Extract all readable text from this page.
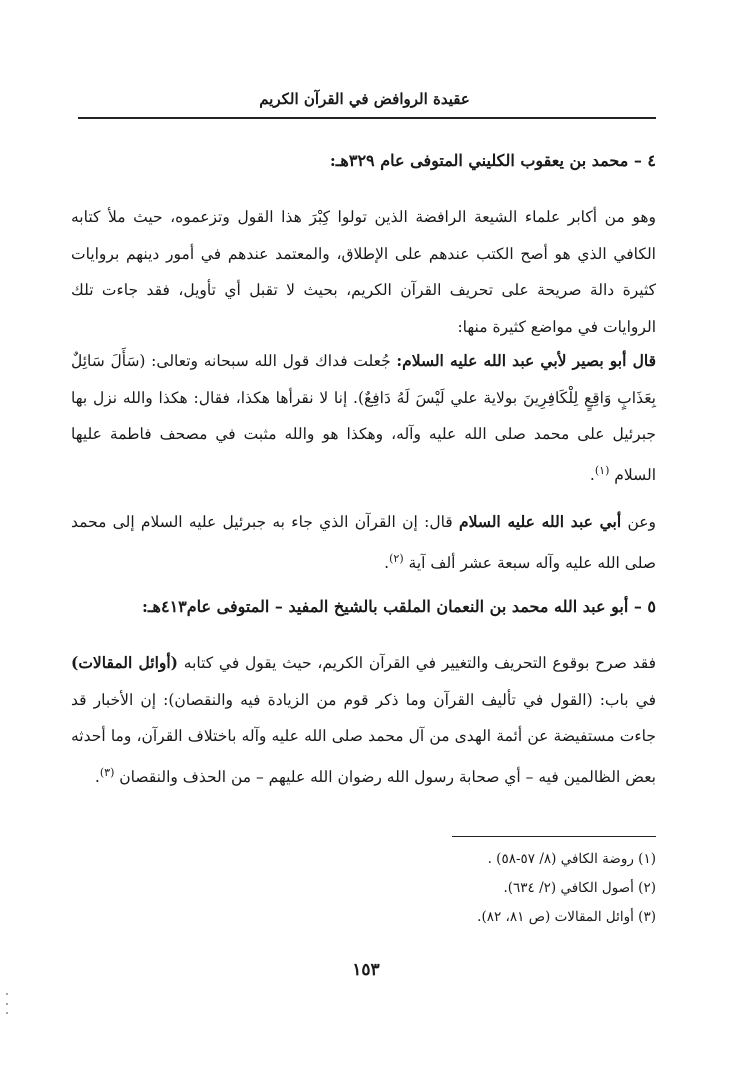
عقيدة الروافض في القرآن الكريم
٤ – محمد بن يعقوب الكليني المتوفى عام ٣٢٩هـ:
وهو من أكابر علماء الشيعة الرافضة الذين تولوا كِبْرَ هذا القول وتزعموه، حيث ملأ كتابه الكافي الذي هو أصح الكتب عندهم على الإطلاق، والمعتمد عندهم في أمور دينهم بروايات كثيرة دالة صريحة على تحريف القرآن الكريم، بحيث لا تقبل أي تأويل، فقد جاءت تلك الروايات في مواضع كثيرة منها:
قال أبو بصير لأبي عبد الله عليه السلام: جُعلت فداك قول الله سبحانه وتعالى: (سَأَلَ سَائِلٌ بِعَذَابٍ وَاقِعٍ لِلْكَافِرِينَ بولاية علي لَيْسَ لَهُ دَافِعٌ). إنا لا نقرأها هكذا، فقال: هكذا والله نزل بها جبرئيل على محمد صلى الله عليه وآله، وهكذا هو والله مثبت في مصحف فاطمة عليها السلام $^{(١)}$.
وعن أبي عبد الله عليه السلام قال: إن القرآن الذي جاء به جبرئيل عليه السلام إلى محمد صلى الله عليه وآله سبعة عشر ألف آية $^{(٢)}$.
٥ – أبو عبد الله محمد بن النعمان الملقب بالشيخ المفيد – المتوفى عام٤١٣هـ:
فقد صرح بوقوع التحريف والتغيير في القرآن الكريم، حيث يقول في كتابه (أوائل المقالات) في باب: (القول في تأليف القرآن وما ذكر قوم من الزيادة فيه والنقصان): إن الأخبار قد جاءت مستفيضة عن أئمة الهدى من آل محمد صلى الله عليه وآله باختلاف القرآن، وما أحدثه بعض الظالمين فيه – أي صحابة رسول الله رضوان الله عليهم – من الحذف والنقصان $^{(٣)}$.
(١) روضة الكافي (٨/ ٥٧-٥٨) .
(٢) أصول الكافي (٢/ ٦٣٤).
(٣) أوائل المقالات (ص ٨١، ٨٢).
١٥٣
